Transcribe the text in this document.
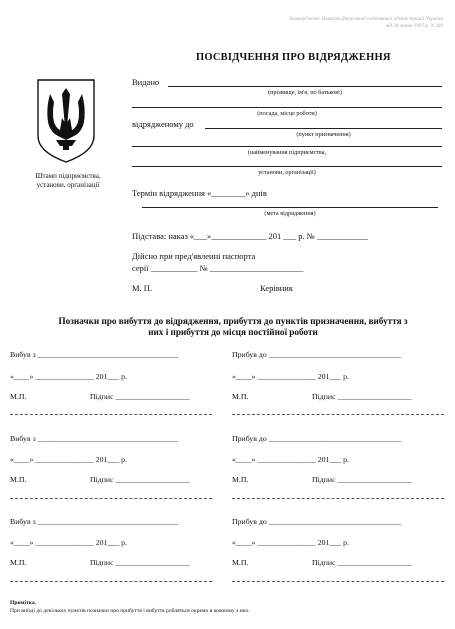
Затверджено Наказом Державної податкової адміністрації України
від 28 липня 1997 р. N 260
ПОСВІДЧЕННЯ ПРО ВІДРЯДЖЕННЯ
Штамп підприємства, установи, організації
Видано
(прізвище, ім'я, по батькові)
(посада, місце роботи)
відрядженому до
(пункт призначення)
(найменування підприємства,
установи, організації)
Термін відрядження «________» днів
(мета відрядження)
Підстава: наказ «___»_____________ 201 ___ р. № ____________
Дійсно при пред'явленні паспорта
серії ___________ № ______________________
М. П.	Керівник
Позначки про вибуття до відрядження, прибуття до пунктів призначення, вибуття з них і прибуття до місця постійної роботи
Вибув з ____________________________________	Прибув до __________________________________
«____» _______________ 201___ р.	«____» _______________ 201___ р.
М.П.	Підпис ___________________	М.П.	Підпис ___________________
Вибув з ____________________________________	Прибув до __________________________________
«____» _______________ 201___ р.	«____» _______________ 201___ р.
М.П.	Підпис ___________________	М.П.	Підпис ___________________
Вибув з ____________________________________	Прибув до __________________________________
«____» _______________ 201___ р.	«____» _______________ 201___ р.
М.П.	Підпис ___________________	М.П.	Підпис ___________________
Примітка.
При виїзді до декількох пунктів позначки про прибуття і вибуття робляться окремо в кожному з них.
